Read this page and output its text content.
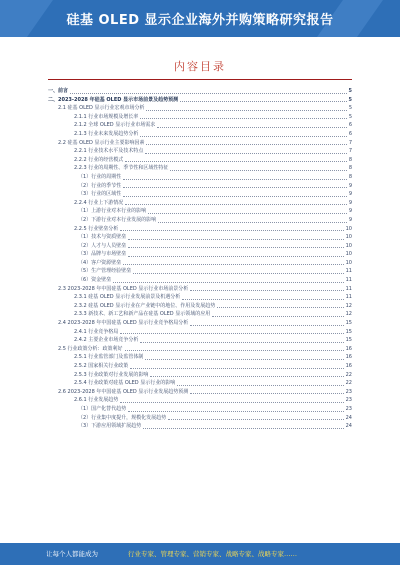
硅基 OLED 显示企业海外并购策略研究报告
内容目录
一、前言	5
二、2023-2028 年硅基 OLED 显示市场前景及趋势预测	5
2.1 硅基 OLED 显示行业宏观市场分析	5
2.1.1 行业市场规模及增长率	5
2.1.2 全球 OLED 显示行业市场需求	6
2.1.3 行业未来发展趋势分析	6
2.2 硅基 OLED 显示行业主要影响因素	7
2.2.1 行业技术水平及技术特点	7
2.2.2 行业的经营模式	8
2.2.3 行业的周期性、季节性和区域性特征	8
（1）行业的周期性	8
（2）行业的季节性	9
（3）行业的区域性	9
2.2.4 行业上下游情况	9
（1）上游行业对本行业的影响	9
（2）下游行业对本行业发展的影响	9
2.2.5 行业壁垒分析	10
（1）技术与资质壁垒	10
（2）人才与人员壁垒	10
（3）品牌与市场壁垒	10
（4）客户资源壁垒	10
（5）生产管理经验壁垒	11
（6）资金壁垒	11
2.3 2023-2028 年中国硅基 OLED 显示行业市场前景分析	11
2.3.1 硅基 OLED 显示行业发展前景及机遇分析	11
2.3.2 硅基 OLED 显示行业在产业链中的地位、作用及发展趋势	12
2.3.3 新技术、新工艺和新产品在硅基 OLED 显示领域的应用	12
2.4 2023-2028 年中国硅基 OLED 显示行业竞争格局分析	15
2.4.1 行业竞争格局	15
2.4.2 主要企业市场竞争分析	15
2.5 行业政策分析：政策利好	16
2.5.1 行业监管部门及监管体制	16
2.5.2 国家相关行业政策	16
2.5.3 行业政策对行业发展的影响	22
2.5.4 行业政策对硅基 OLED 显示行业的影响	22
2.6 2023-2028 年中国硅基 OLED 显示行业发展趋势预测	23
2.6.1 行业发展趋势	23
（1）国产化替代趋势	23
（2）行业集中度提升，规模化发展趋势	24
（3）下游应用领域扩展趋势	24
让每个人都能成为	行业专家、管理专家、营销专家、战略专家、战略专家……
